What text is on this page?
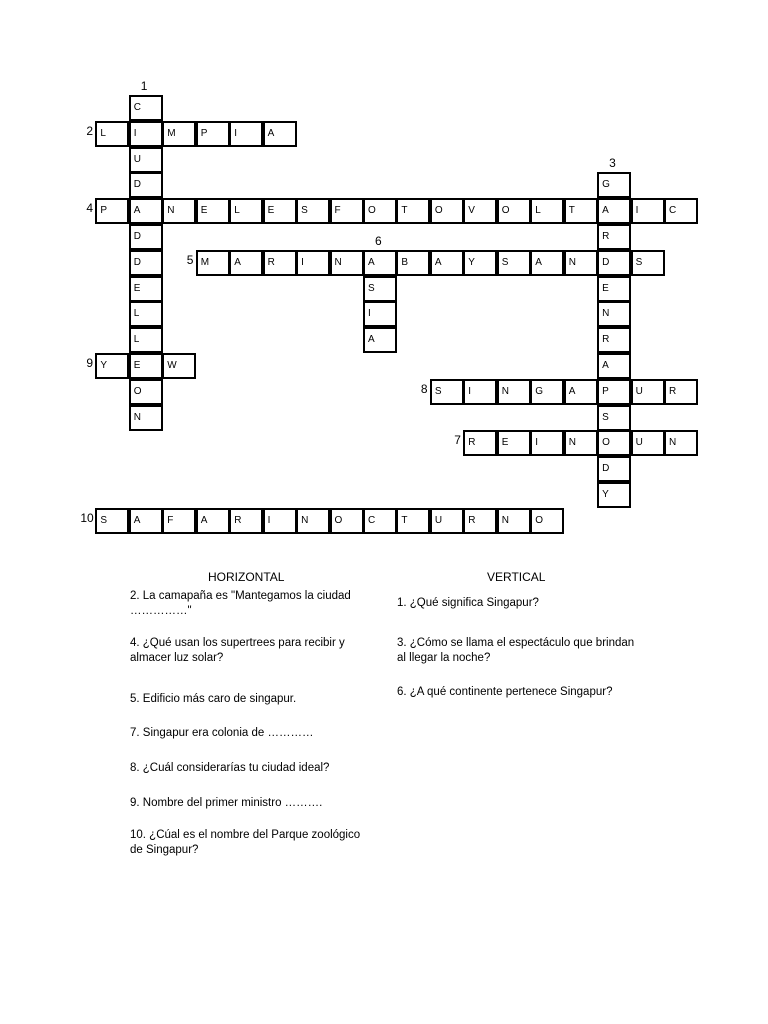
L	I	M	P	I	A
P	A	N	E	L	E	S	F	O	T	O	V	O	L	T	A	I	C
M	A	R	I	N	A	B	A	Y	S	A	N	D	S
Y	E	W
S	I	N	G	A	P	U	R
R	E	I	N	O	U	N
S	A	F	A	R	I	N	O	C	T	U	R	N	O
C
U
D
D
D
E
L
L
O
N
G
R
E
N
R
A
S
D
Y
S
I
A
1
2
3
4
5
6
7
8
9
10
HORIZONTAL	VERTICAL
2. La camapaña es "Mantegamos la ciudad ……………"
4. ¿Qué usan los supertrees para recibir y almacer luz solar?
5. Edificio más caro de singapur.
7. Singapur era colonia de …………
8. ¿Cuál considerarías tu ciudad ideal?
9. Nombre del primer ministro ……….
10. ¿Cúal es el nombre del Parque zoológico de Singapur?
1. ¿Qué significa Singapur?
3. ¿Cómo se llama el espectáculo que brindan al llegar la noche?
6. ¿A qué continente pertenece Singapur?
